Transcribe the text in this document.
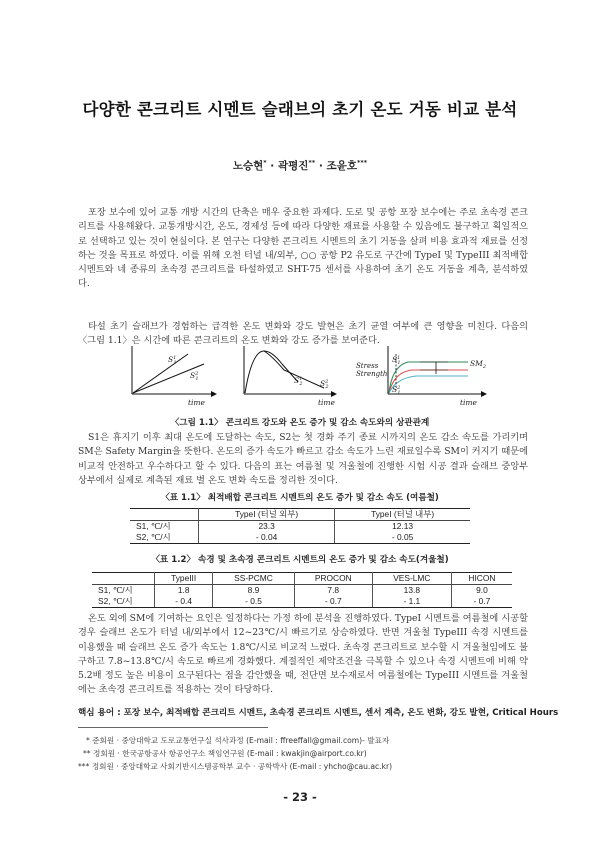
다양한 콘크리트 시멘트 슬래브의 초기 온도 거동 비교 분석
노승현* · 곽평진** · 조윤호***

포장 보수에 있어 교통 개방 시간의 단축은 매우 중요한 과제다. 도로 및 공항 포장 보수에는 주로 초속경 콘크리트를 사용해왔다. 교통개방시간, 온도, 경제성 등에 따라 다양한 재료를 사용할 수 있음에도 불구하고 획일적으로 선택하고 있는 것이 현실이다. 본 연구는 다양한 콘크리트 시멘트의 초기 거동을 살펴 비용 효과적 재료를 선정하는 것을 목표로 하였다. 이를 위해 오천 터널 내/외부, ○○ 공항 P2 유도로 구간에 TypeI 및 TypeIII 최적배합 시멘트와 네 종류의 초속경 콘크리트를 타설하였고 SHT-75 센서를 사용하여 초기 온도 거동을 계측, 분석하였다.

타설 초기 슬래브가 경험하는 급격한 온도 변화와 강도 발현은 초기 균열 여부에 큰 영향을 미친다. 다음의 〈그림 1.1〉은 시간에 따른 콘크리트의 온도 변화와 강도 증가를 보여준다.

$S^1$ 1
$S^2$ 1
time
$S^1$ 2 $S^2$ 2
time
Stress
Strength
$SM_2$
$S^1$ 1
$S^2$ 1
time
〈그림 1.1〉 콘크리트 강도와 온도 증가 및 감소 속도와의 상관관계

S1은 휴지기 이후 최대 온도에 도달하는 속도, S2는 첫 경화 주기 종료 시까지의 온도 감소 속도를 가리키며 SM은 Safety Margin을 뜻한다. 온도의 증가 속도가 빠르고 감소 속도가 느린 재료일수록 SM이 커지기 때문에 비교적 안전하고 우수하다고 할 수 있다. 다음의 표는 여름철 및 겨울철에 진행한 시험 시공 결과 슬래브 중앙부 상부에서 실제로 계측된 재료 별 온도 변화 속도를 정리한 것이다.

〈표 1.1〉 최적배합 콘크리트 시멘트의 온도 증가 및 감소 속도 (여름철)
	TypeI (터널 외부)	TypeI (터널 내부)
S1, ℃/시	23.3	12.13
S2, ℃/시	- 0.04	- 0.05
〈표 1.2〉 속경 및 초속경 콘크리트 시멘트의 온도 증가 및 감소 속도(겨울철)
	TypeIII	SS-PCMC	PROCON	VES-LMC	HICON
S1, ℃/시	1.8	8.9	7.8	13.8	9.0
S2, ℃/시	- 0.4	- 0.5	- 0.7	- 1.1	- 0.7

온도 외에 SM에 기여하는 요인은 일정하다는 가정 하에 분석을 진행하였다. TypeI 시멘트를 여름철에 시공할 경우 슬래브 온도가 터널 내/외부에서 12~23℃/시 빠르기로 상승하였다. 반면 겨울철 TypeIII 속경 시멘트를 이용했을 때 슬래브 온도 증가 속도는 1.8℃/시로 비교적 느렸다. 초속경 콘크리트로 보수할 시 겨울철임에도 불구하고 7.8~13.8℃/시 속도로 빠르게 경화했다. 계절적인 제약조건을 극복할 수 있으나 속경 시멘트에 비해 약 5.2배 정도 높은 비용이 요구된다는 점을 감안했을 때, 전단면 보수재로서 여름철에는 TypeIII 시멘트를 겨울철에는 초속경 콘크리트를 적용하는 것이 타당하다.

핵심 용어 : 포장 보수, 최적배합 콘크리트 시멘트, 초속경 콘크리트 시멘트, 센서 계측, 온도 변화, 강도 발현, Critical Hours
* 준회원 · 중앙대학교 도로교통연구실 석사과정 (E-mail : ffreeffall@gmail.com)- 발표자
** 정회원 · 한국공항공사 항공연구소 책임연구원 (E-mail : kwakjin@airport.co.kr)
*** 정회원 · 중앙대학교 사회기반시스템공학부 교수 · 공학박사 (E-mail : yhcho@cau.ac.kr)
- 23 -
